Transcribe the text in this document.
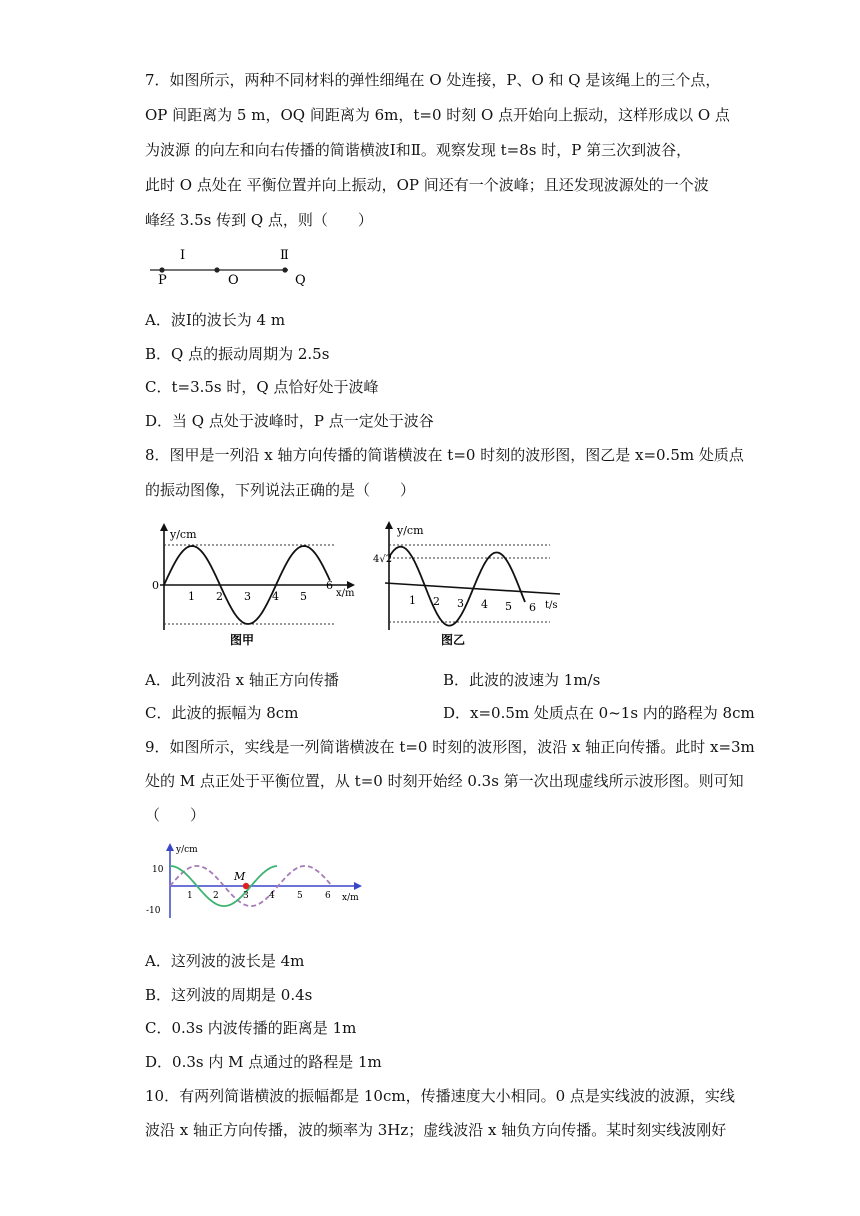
7．如图所示，两种不同材料的弹性细绳在 O 处连接，P、O 和 Q 是该绳上的三个点，
OP 间距离为 5 m，OQ 间距离为 6m，t=0 时刻 O 点开始向上振动，这样形成以 O 点
为波源 的向左和向右传播的简谐横波Ⅰ和Ⅱ。观察发现 t=8s 时，P 第三次到波谷，
此时 O 点处在 平衡位置并向上振动，OP 间还有一个波峰；且还发现波源处的一个波
峰经 3.5s 传到 Q 点，则（　　）
Ⅰ	Ⅱ
P	O	Q
A．波Ⅰ的波长为 4 m
B．Q 点的振动周期为 2.5s
C．t=3.5s 时，Q 点恰好处于波峰
D．当 Q 点处于波峰时，P 点一定处于波谷
8．图甲是一列沿 x 轴方向传播的简谐横波在 t=0 时刻的波形图，图乙是 x=0.5m 处质点
的振动图像，下列说法正确的是（　　）
y/cm
0
1 2 3 4 5
6
x/m
图甲
y/cm
4√2
1 2 3 4 5 6 t/s
图乙
A．此列波沿 x 轴正方向传播	B．此波的波速为 1m/s
C．此波的振幅为 8cm	D．x=0.5m 处质点在 0~1s 内的路程为 8cm
9．如图所示，实线是一列简谐横波在 t=0 时刻的波形图，波沿 x 轴正向传播。此时 x=3m
处的 M 点正处于平衡位置，从 t=0 时刻开始经 0.3s 第一次出现虚线所示波形图。则可知
（　　）
y/cm
10
-10
M
1 2	3 4 5 6 x/m
A．这列波的波长是 4m
B．这列波的周期是 0.4s
C．0.3s 内波传播的距离是 1m
D．0.3s 内 M 点通过的路程是 1m
10．有两列简谐横波的振幅都是 10cm，传播速度大小相同。0 点是实线波的波源，实线
波沿 x 轴正方向传播，波的频率为 3Hz；虚线波沿 x 轴负方向传播。某时刻实线波刚好
